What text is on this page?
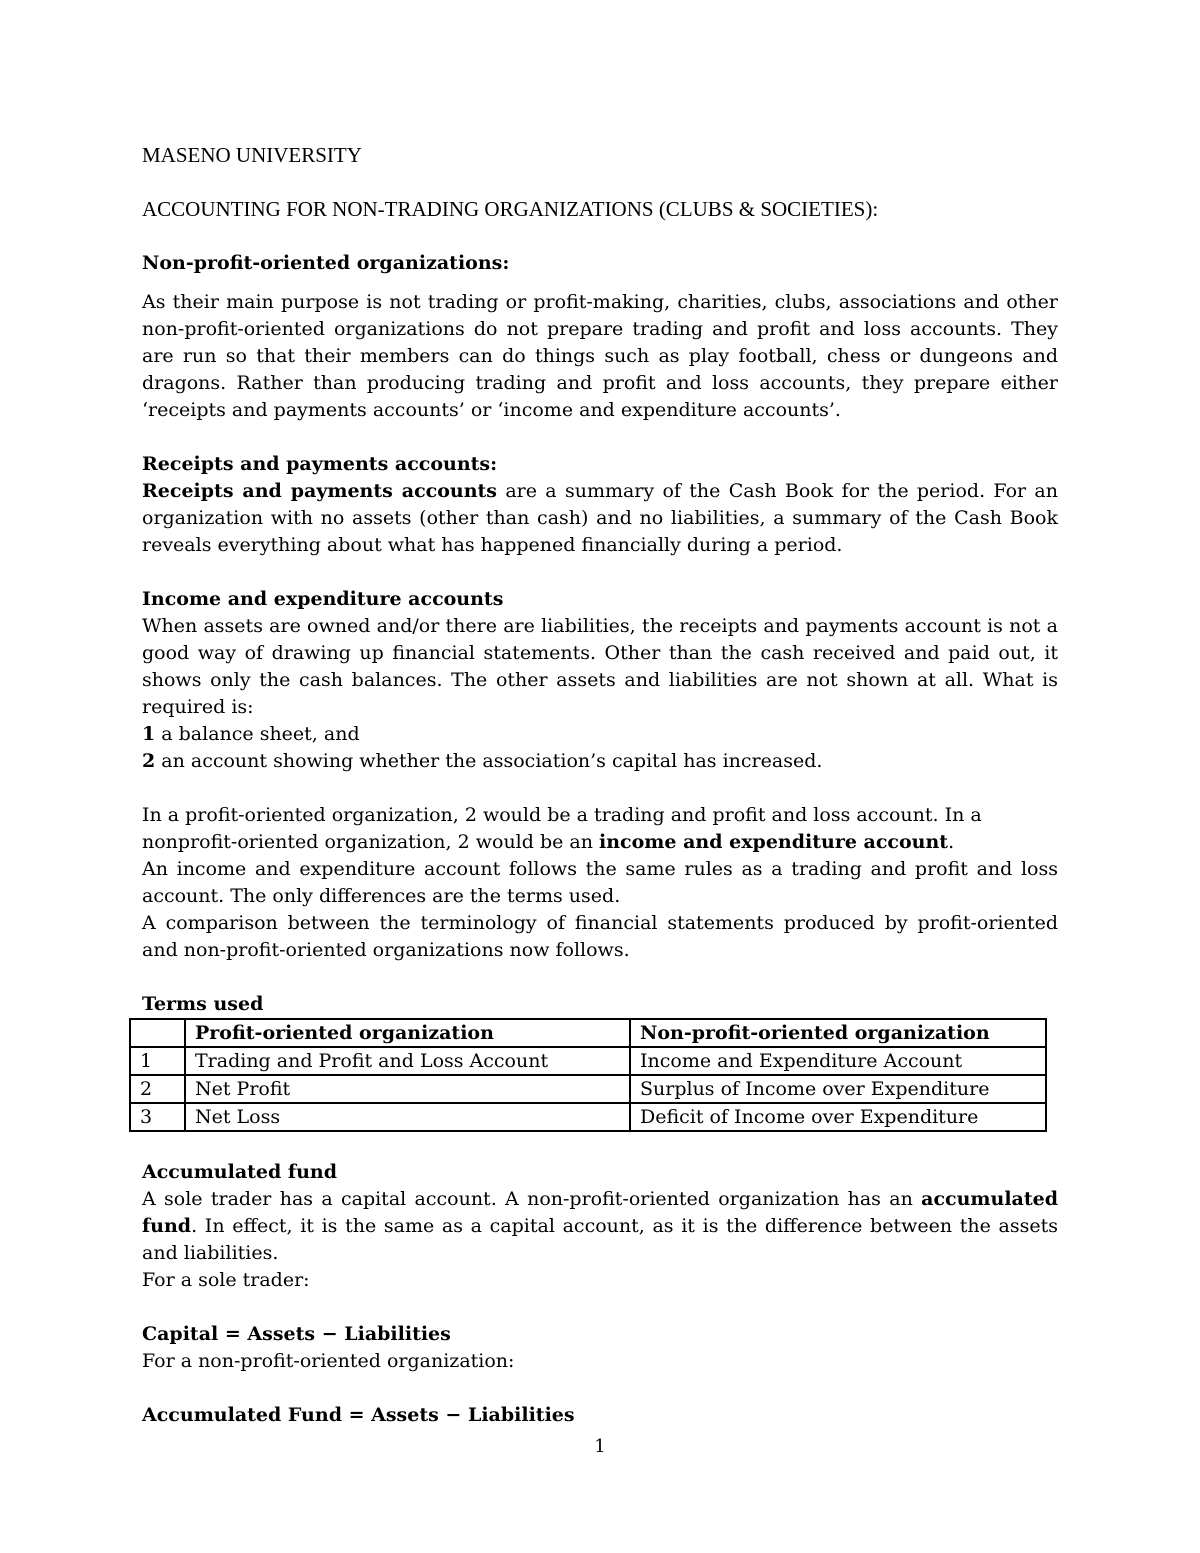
MASENO UNIVERSITY

ACCOUNTING FOR NON-TRADING ORGANIZATIONS (CLUBS & SOCIETIES):

Non-profit-oriented organizations:

As their main purpose is not trading or profit-making, charities, clubs, associations and other non-profit-oriented organizations do not prepare trading and profit and loss accounts. They are run so that their members can do things such as play football, chess or dungeons and dragons. Rather than producing trading and profit and loss accounts, they prepare either ‘receipts and payments accounts’ or ‘income and expenditure accounts’.

Receipts and payments accounts:

Receipts and payments accounts are a summary of the Cash Book for the period. For an organization with no assets (other than cash) and no liabilities, a summary of the Cash Book reveals everything about what has happened financially during a period.

Income and expenditure accounts

When assets are owned and/or there are liabilities, the receipts and payments account is not a good way of drawing up financial statements. Other than the cash received and paid out, it shows only the cash balances. The other assets and liabilities are not shown at all. What is required is:

1 a balance sheet, and

2 an account showing whether the association’s capital has increased.

In a profit-oriented organization, 2 would be a trading and profit and loss account. In a nonprofit-oriented organization, 2 would be an income and expenditure account.

An income and expenditure account follows the same rules as a trading and profit and loss account. The only differences are the terms used.

A comparison between the terminology of financial statements produced by profit-oriented and non-profit-oriented organizations now follows.

Terms used

	Profit-oriented organization	Non-profit-oriented organization
1	Trading and Profit and Loss Account	Income and Expenditure Account
2	Net Profit	Surplus of Income over Expenditure
3	Net Loss	Deficit of Income over Expenditure

Accumulated fund

A sole trader has a capital account. A non-profit-oriented organization has an accumulated fund. In effect, it is the same as a capital account, as it is the difference between the assets and liabilities.

For a sole trader:

Capital = Assets − Liabilities

For a non-profit-oriented organization:

Accumulated Fund = Assets − Liabilities

1
